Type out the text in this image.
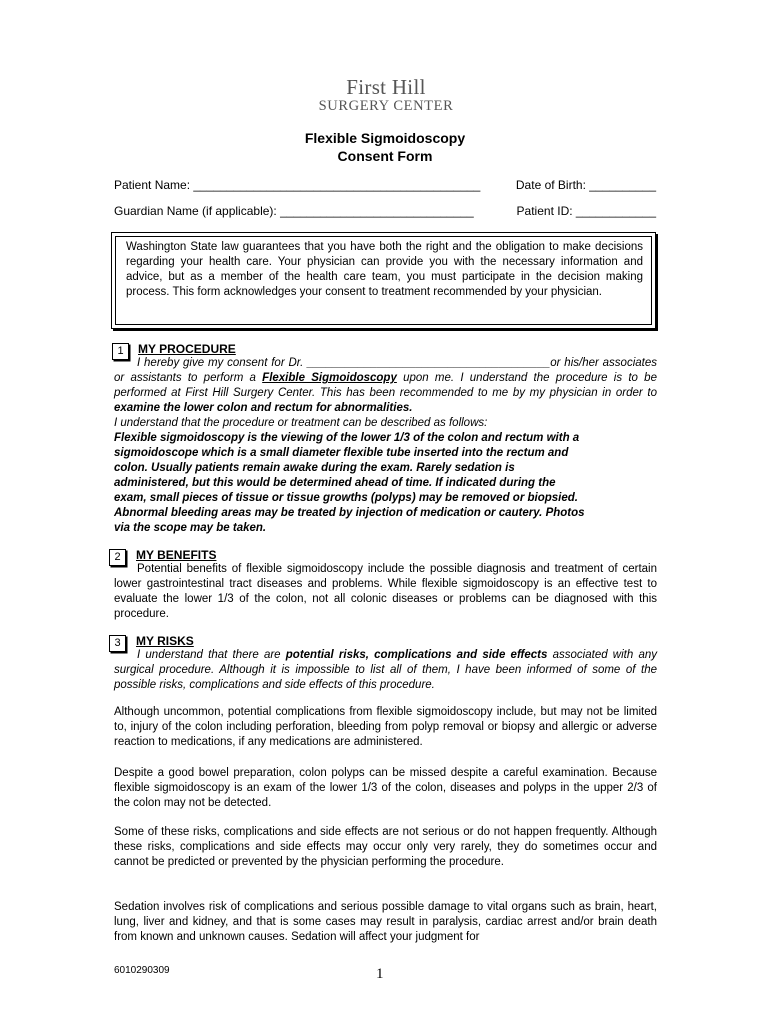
First Hill
SURGERY CENTER
Flexible Sigmoidoscopy
Consent Form
Patient Name: ___________________________________________	Date of Birth: __________
Guardian Name (if applicable): _____________________________	Patient ID: ____________
Washington State law guarantees that you have both the right and the obligation to make decisions regarding your health care. Your physician can provide you with the necessary information and advice, but as a member of the health care team, you must participate in the decision making process. This form acknowledges your consent to treatment recommended by your physician.
1	MY PROCEDURE

I hereby give my consent for Dr. ______________________________________or his/her associates or assistants to perform a Flexible Sigmoidoscopy upon me. I understand the procedure is to be performed at First Hill Surgery Center. This has been recommended to me by my physician in order to examine the lower colon and rectum for abnormalities.

I understand that the procedure or treatment can be described as follows:

Flexible sigmoidoscopy is the viewing of the lower 1/3 of the colon and rectum with a sigmoidoscope which is a small diameter flexible tube inserted into the rectum and colon. Usually patients remain awake during the exam. Rarely sedation is administered, but this would be determined ahead of time. If indicated during the exam, small pieces of tissue or tissue growths (polyps) may be removed or biopsied. Abnormal bleeding areas may be treated by injection of medication or cautery. Photos via the scope may be taken.

2	MY BENEFITS

Potential benefits of flexible sigmoidoscopy include the possible diagnosis and treatment of certain lower gastrointestinal tract diseases and problems. While flexible sigmoidoscopy is an effective test to evaluate the lower 1/3 of the colon, not all colonic diseases or problems can be diagnosed with this procedure.

3	MY RISKS

I understand that there are potential risks, complications and side effects associated with any surgical procedure. Although it is impossible to list all of them, I have been informed of some of the possible risks, complications and side effects of this procedure.

Although uncommon, potential complications from flexible sigmoidoscopy include, but may not be limited to, injury of the colon including perforation, bleeding from polyp removal or biopsy and allergic or adverse reaction to medications, if any medications are administered.
Despite a good bowel preparation, colon polyps can be missed despite a careful examination. Because flexible sigmoidoscopy is an exam of the lower 1/3 of the colon, diseases and polyps in the upper 2/3 of the colon may not be detected.
Some of these risks, complications and side effects are not serious or do not happen frequently. Although these risks, complications and side effects may occur only very rarely, they do sometimes occur and cannot be predicted or prevented by the physician performing the procedure.
Sedation involves risk of complications and serious possible damage to vital organs such as brain, heart, lung, liver and kidney, and that is some cases may result in paralysis, cardiac arrest and/or brain death from known and unknown causes. Sedation will affect your judgment for
6010290309	1
